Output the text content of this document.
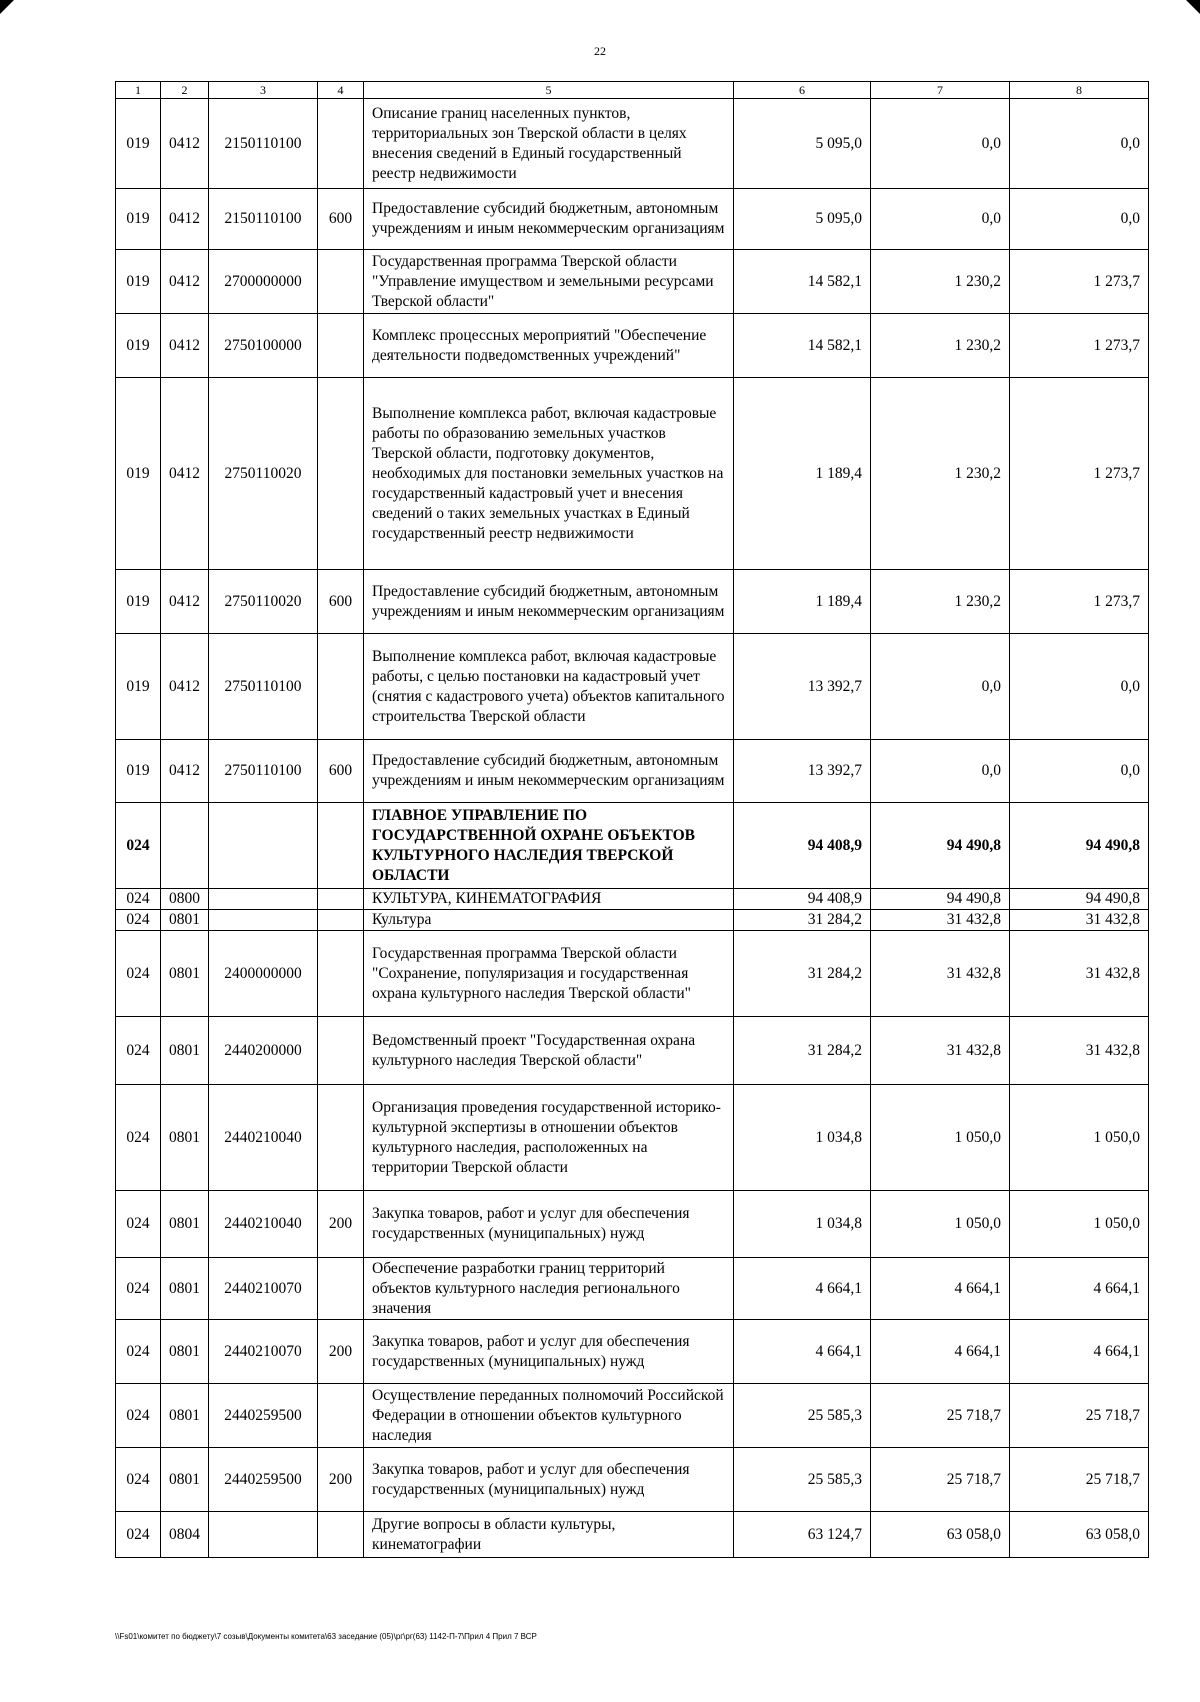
22
1	2	3	4	5	6	7	8
019	0412	2150110100		Описание границ населенных пунктов, территориальных зон Тверской области в целях внесения сведений в Единый государственный реестр недвижимости	5 095,0	0,0	0,0
019	0412	2150110100	600	Предоставление субсидий бюджетным, автономным учреждениям и иным некоммерческим организациям	5 095,0	0,0	0,0
019	0412	2700000000		Государственная программа Тверской области "Управление имуществом и земельными ресурсами Тверской области"	14 582,1	1 230,2	1 273,7
019	0412	2750100000		Комплекс процессных мероприятий "Обеспечение деятельности подведомственных учреждений"	14 582,1	1 230,2	1 273,7
019	0412	2750110020		Выполнение комплекса работ, включая кадастровые работы по образованию земельных участков Тверской области, подготовку документов, необходимых для постановки земельных участков на государственный кадастровый учет и внесения сведений о таких земельных участках в Единый государственный реестр недвижимости	1 189,4	1 230,2	1 273,7
019	0412	2750110020	600	Предоставление субсидий бюджетным, автономным учреждениям и иным некоммерческим организациям	1 189,4	1 230,2	1 273,7
019	0412	2750110100		Выполнение комплекса работ, включая кадастровые работы, с целью постановки на кадастровый учет (снятия с кадастрового учета) объектов капитального строительства Тверской области	13 392,7	0,0	0,0
019	0412	2750110100	600	Предоставление субсидий бюджетным, автономным учреждениям и иным некоммерческим организациям	13 392,7	0,0	0,0
024				ГЛАВНОЕ УПРАВЛЕНИЕ ПО ГОСУДАРСТВЕННОЙ ОХРАНЕ ОБЪЕКТОВ КУЛЬТУРНОГО НАСЛЕДИЯ ТВЕРСКОЙ ОБЛАСТИ	94 408,9	94 490,8	94 490,8
024	0800			КУЛЬТУРА, КИНЕМАТОГРАФИЯ	94 408,9	94 490,8	94 490,8
024	0801			Культура	31 284,2	31 432,8	31 432,8
024	0801	2400000000		Государственная программа Тверской области "Сохранение, популяризация и государственная охрана культурного наследия Тверской области"	31 284,2	31 432,8	31 432,8
024	0801	2440200000		Ведомственный проект "Государственная охрана культурного наследия Тверской области"	31 284,2	31 432,8	31 432,8
024	0801	2440210040		Организация проведения государственной историко-культурной экспертизы в отношении объектов культурного наследия, расположенных на территории Тверской области	1 034,8	1 050,0	1 050,0
024	0801	2440210040	200	Закупка товаров, работ и услуг для обеспечения государственных (муниципальных) нужд	1 034,8	1 050,0	1 050,0
024	0801	2440210070		Обеспечение разработки границ территорий объектов культурного наследия регионального значения	4 664,1	4 664,1	4 664,1
024	0801	2440210070	200	Закупка товаров, работ и услуг для обеспечения государственных (муниципальных) нужд	4 664,1	4 664,1	4 664,1
024	0801	2440259500		Осуществление переданных полномочий Российской Федерации в отношении объектов культурного наследия	25 585,3	25 718,7	25 718,7
024	0801	2440259500	200	Закупка товаров, работ и услуг для обеспечения государственных (муниципальных) нужд	25 585,3	25 718,7	25 718,7
024	0804			Другие вопросы в области культуры, кинематографии	63 124,7	63 058,0	63 058,0
\\Fs01\комитет по бюджету\7 созыв\Документы комитета\63 заседание (05)\рг\рг(63) 1142-П-7\Прил 4 Прил 7 ВСР
